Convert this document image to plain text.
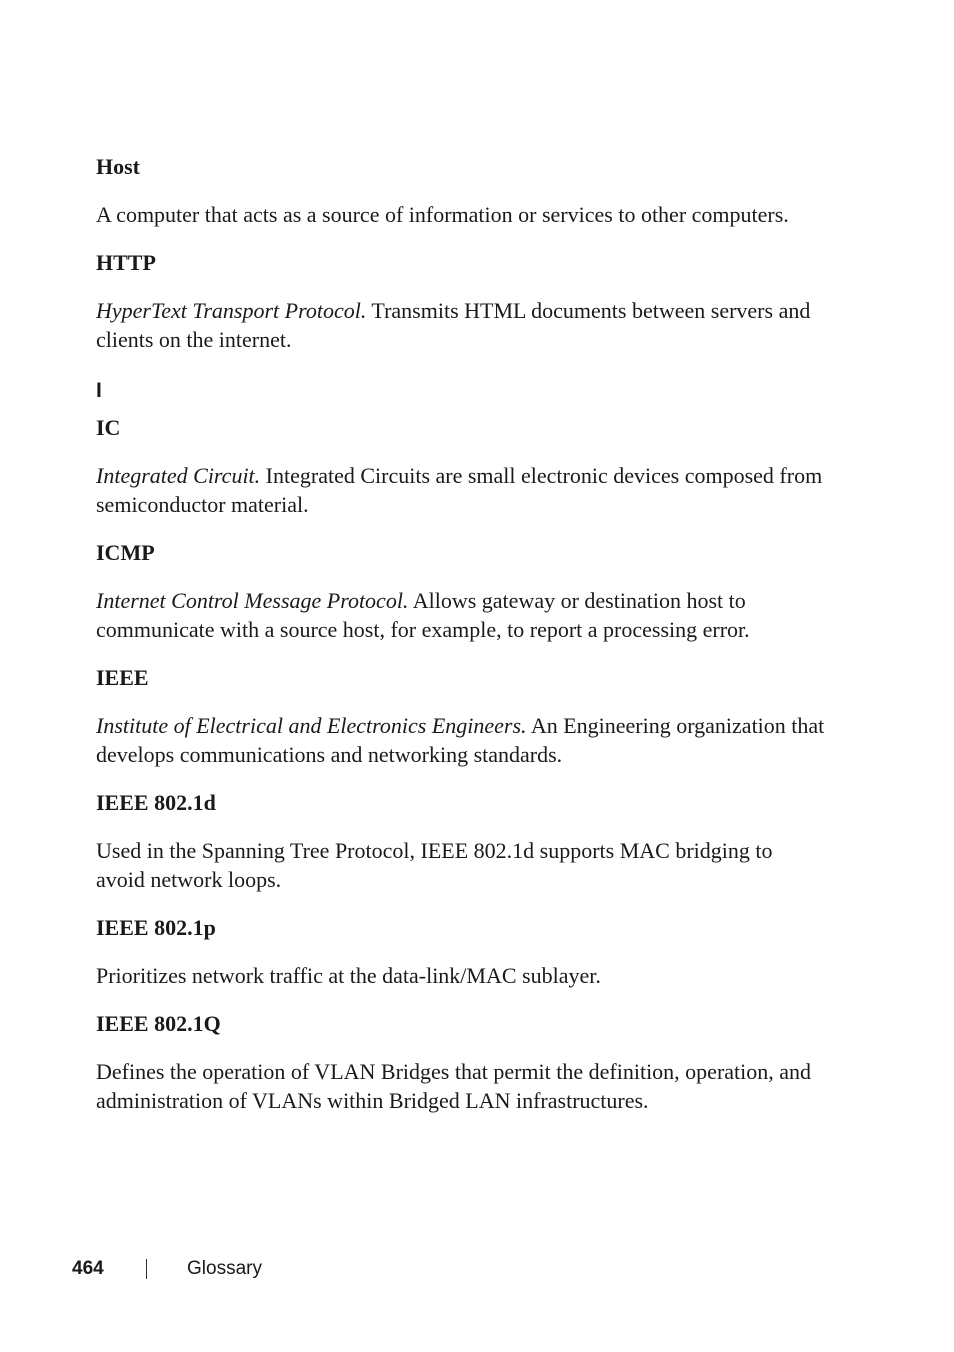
Host

A computer that acts as a source of information or services to other computers.

HTTP

HyperText Transport Protocol. Transmits HTML documents between servers and clients on the internet.

I
IC

Integrated Circuit. Integrated Circuits are small electronic devices composed from semiconductor material.

ICMP

Internet Control Message Protocol. Allows gateway or destination host to communicate with a source host, for example, to report a processing error.

IEEE

Institute of Electrical and Electronics Engineers. An Engineering organization that develops communications and networking standards.

IEEE 802.1d

Used in the Spanning Tree Protocol, IEEE 802.1d supports MAC bridging to avoid network loops.

IEEE 802.1p

Prioritizes network traffic at the data-link/MAC sublayer.

IEEE 802.1Q

Defines the operation of VLAN Bridges that permit the definition, operation, and administration of VLANs within Bridged LAN infrastructures.

464	Glossary
